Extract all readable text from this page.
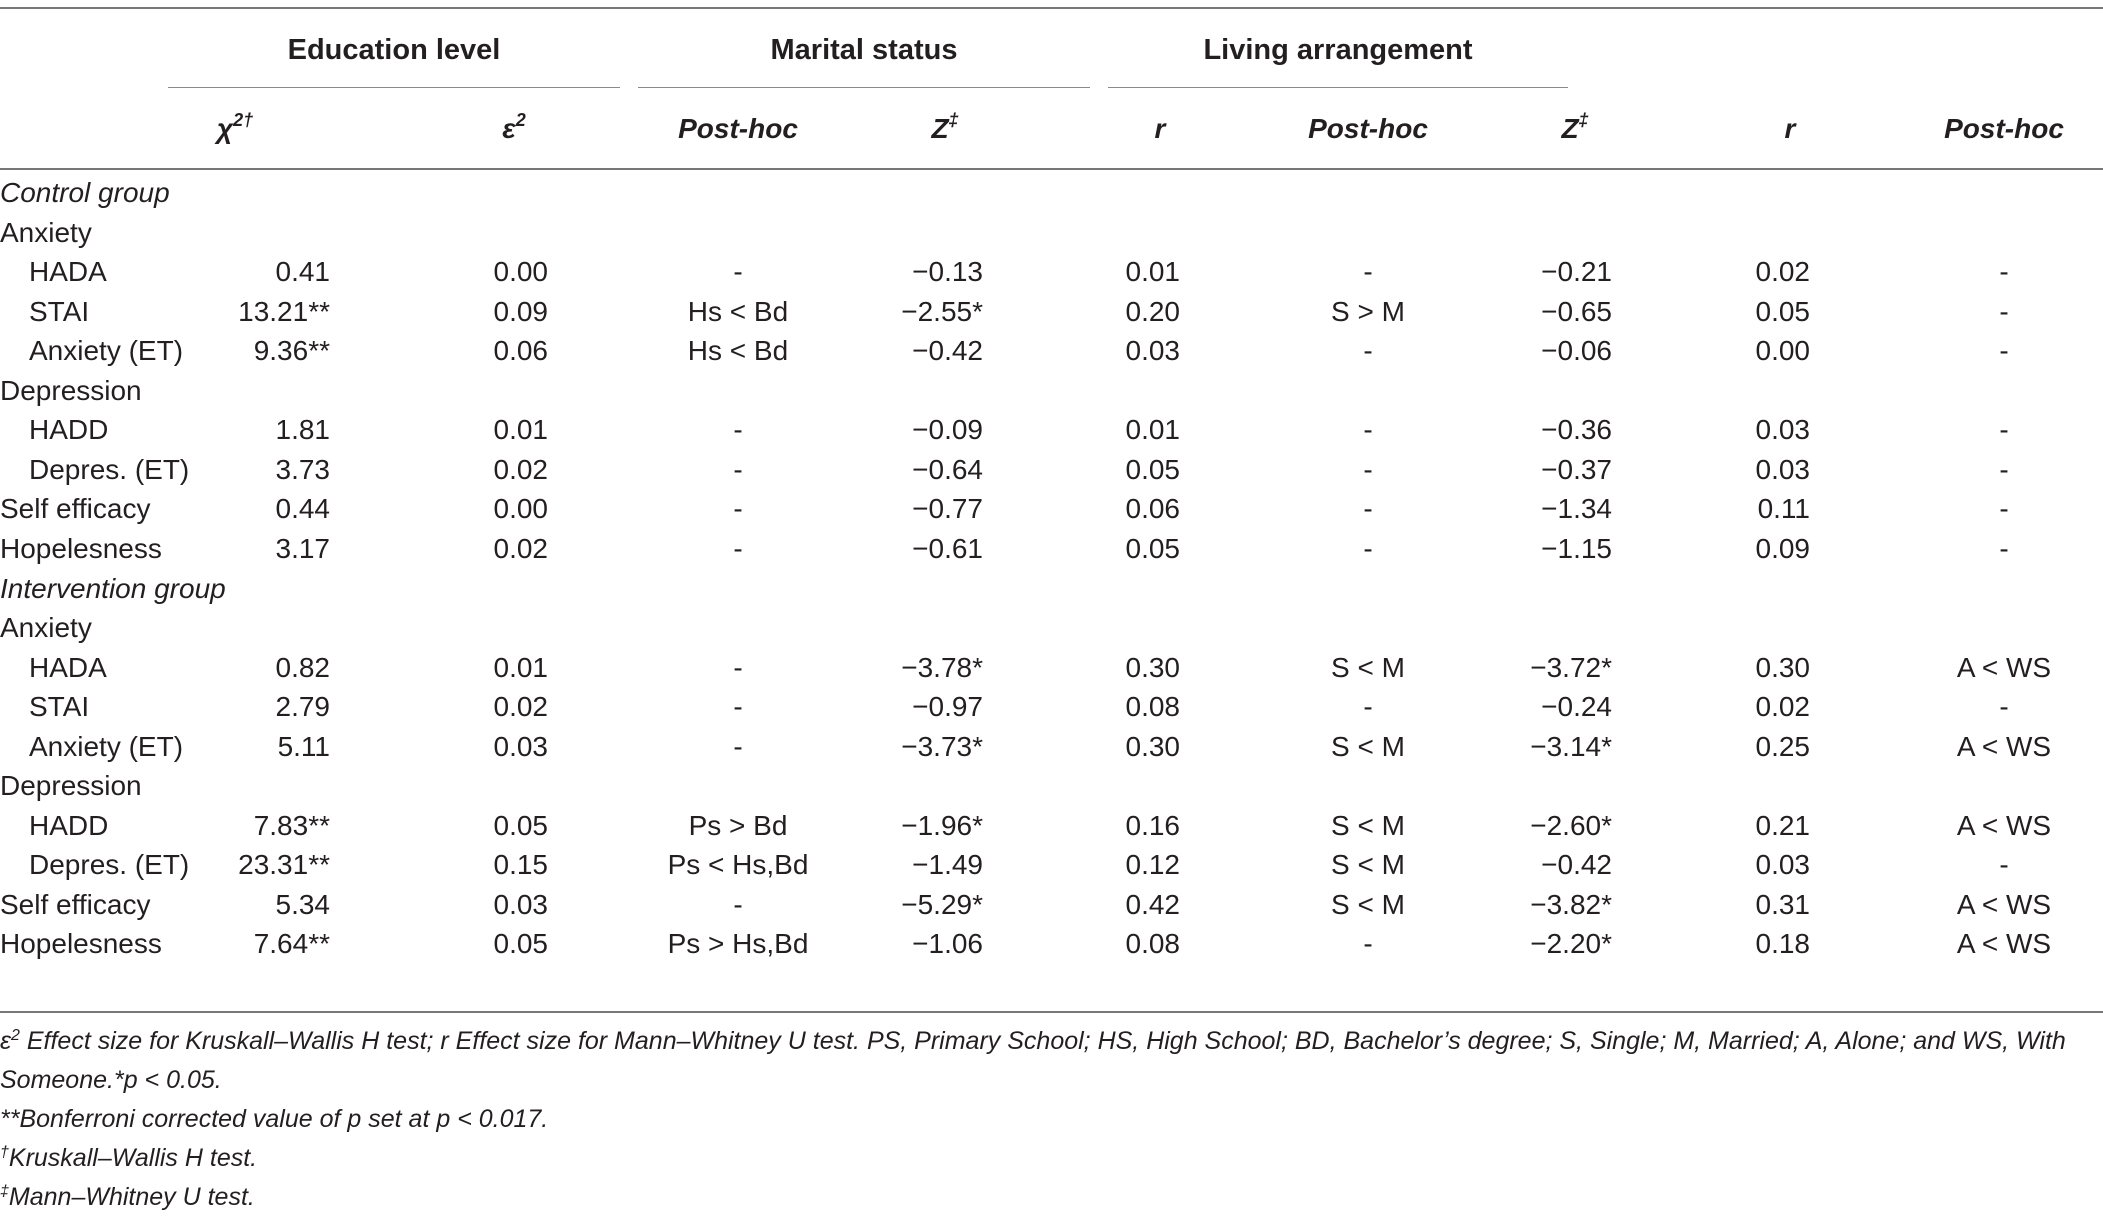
Education level	Marital status	Living arrangement
$\chi^{2\dagger}$	$\varepsilon^2$	Post-hoc	Z‡	r	Post-hoc	Z‡	r	Post-hoc
Control group
Anxiety
HADA	0.41	0.00	-	−0.13	0.01	-	−0.21	0.02	-
STAI	13.21**	0.09	Hs < Bd	−2.55*	0.20	S > M	−0.65	0.05	-
Anxiety (ET)	9.36**	0.06	Hs < Bd	−0.42	0.03	-	−0.06	0.00	-
Depression
HADD	1.81	0.01	-	−0.09	0.01	-	−0.36	0.03	-
Depres. (ET)	3.73	0.02	-	−0.64	0.05	-	−0.37	0.03	-
Self efficacy	0.44	0.00	-	−0.77	0.06	-	−1.34	0.11	-
Hopelesness	3.17	0.02	-	−0.61	0.05	-	−1.15	0.09	-
Intervention group
Anxiety
HADA	0.82	0.01	-	−3.78*	0.30	S < M	−3.72*	0.30	A < WS
STAI	2.79	0.02	-	−0.97	0.08	-	−0.24	0.02	-
Anxiety (ET)	5.11	0.03	-	−3.73*	0.30	S < M	−3.14*	0.25	A < WS
Depression
HADD	7.83**	0.05	Ps > Bd	−1.96*	0.16	S < M	−2.60*	0.21	A < WS
Depres. (ET)	23.31**	0.15	Ps < Hs,Bd	−1.49	0.12	S < M	−0.42	0.03	-
Self efficacy	5.34	0.03	-	−5.29*	0.42	S < M	−3.82*	0.31	A < WS
Hopelesness	7.64**	0.05	Ps > Hs,Bd	−1.06	0.08	-	−2.20*	0.18	A < WS

$\varepsilon^2$ Effect size for Kruskall–Wallis H test; r Effect size for Mann–Whitney U test. PS, Primary School; HS, High School; BD, Bachelor’s degree; S, Single; M, Married; A, Alone; and WS, With Someone.*p < 0.05.

**Bonferroni corrected value of p set at p < 0.017.

†Kruskall–Wallis H test.

‡Mann–Whitney U test.
